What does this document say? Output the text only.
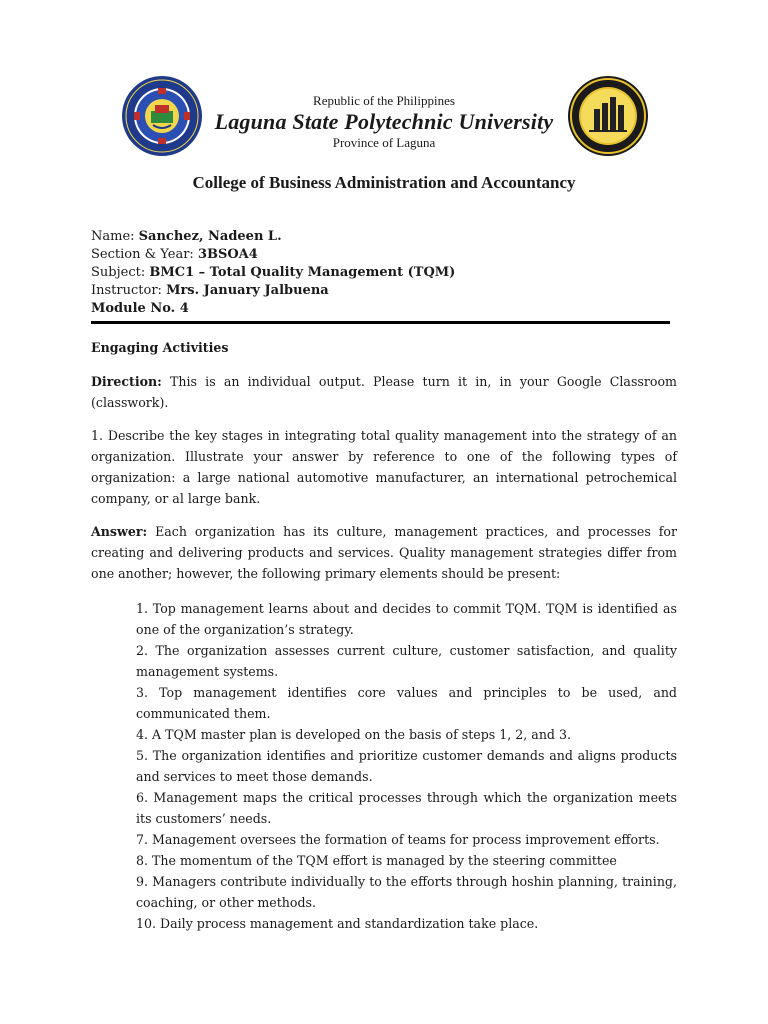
Republic of the Philippines
Laguna State Polytechnic University
Province of Laguna
College of Business Administration and Accountancy
Name: Sanchez, Nadeen L.
Section & Year: 3BSOA4
Subject: BMC1 – Total Quality Management (TQM)
Instructor: Mrs. January Jalbuena
Module No. 4
Engaging Activities
Direction: This is an individual output. Please turn it in, in your Google Classroom (classwork).
1. Describe the key stages in integrating total quality management into the strategy of an organization. Illustrate your answer by reference to one of the following types of organization: a large national automotive manufacturer, an international petrochemical company, or al large bank.
Answer: Each organization has its culture, management practices, and processes for creating and delivering products and services. Quality management strategies differ from one another; however, the following primary elements should be present:

1. Top management learns about and decides to commit TQM. TQM is identified as one of the organization’s strategy.

2. The organization assesses current culture, customer satisfaction, and quality management systems.

3. Top management identifies core values and principles to be used, and communicated them.

4. A TQM master plan is developed on the basis of steps 1, 2, and 3.

5. The organization identifies and prioritize customer demands and aligns products and services to meet those demands.

6. Management maps the critical processes through which the organization meets its customers’ needs.

7. Management oversees the formation of teams for process improvement efforts.

8. The momentum of the TQM effort is managed by the steering committee

9. Managers contribute individually to the efforts through hoshin planning, training, coaching, or other methods.

10. Daily process management and standardization take place.
